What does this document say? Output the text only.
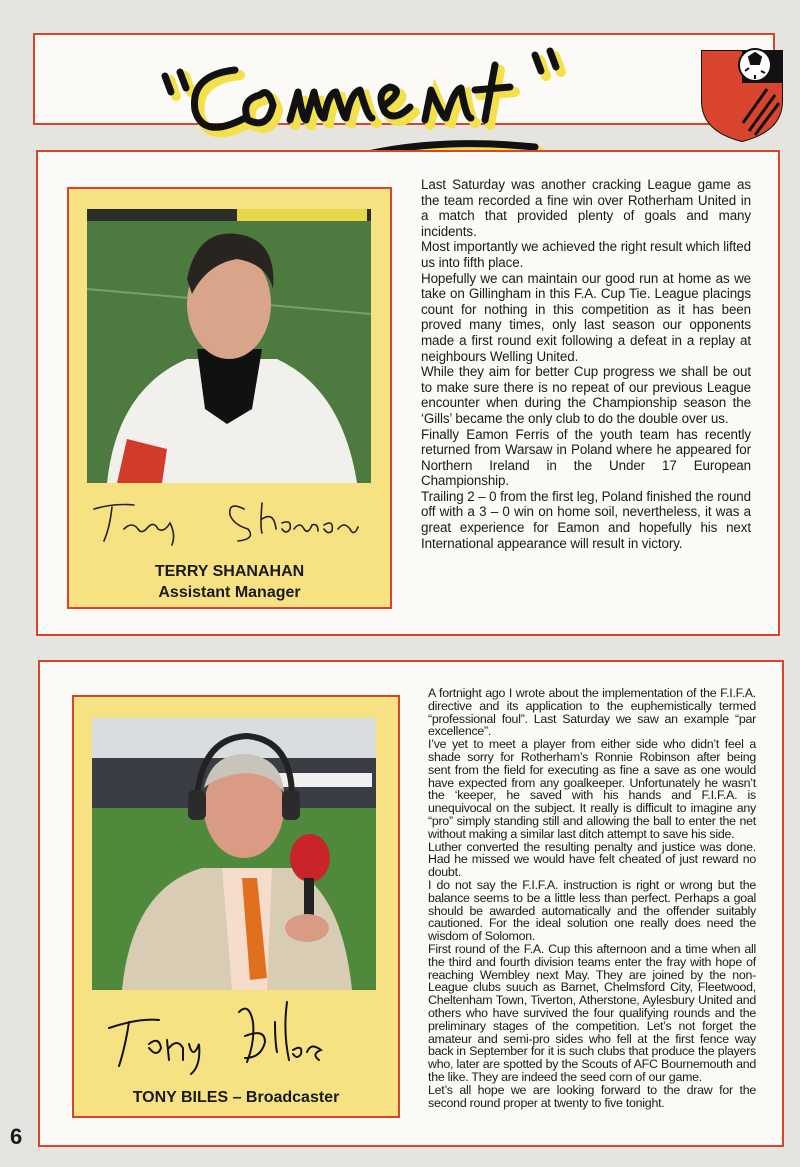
TERRY SHANAHAN
Assistant Manager

Last Saturday was another cracking League game as the team recorded a fine win over Rotherham United in a match that provided plenty of goals and many incidents.

Most importantly we achieved the right result which lifted us into fifth place.

Hopefully we can maintain our good run at home as we take on Gillingham in this F.A. Cup Tie. League placings count for nothing in this competition as it has been proved many times, only last season our opponents made a first round exit following a defeat in a replay at neighbours Welling United.

While they aim for better Cup progress we shall be out to make sure there is no repeat of our previous League encounter when during the Championship season the ‘Gills’ became the only club to do the double over us.

Finally Eamon Ferris of the youth team has recently returned from Warsaw in Poland where he appeared for Northern Ireland in the Under 17 European Championship.

Trailing 2 – 0 from the first leg, Poland finished the round off with a 3 – 0 win on home soil, nevertheless, it was a great experience for Eamon and hopefully his next International appearance will result in victory.

TONY BILES – Broadcaster

A fortnight ago I wrote about the implementation of the F.I.F.A. directive and its application to the euphemistically termed “professional foul”. Last Saturday we saw an example “par excellence”.

I’ve yet to meet a player from either side who didn’t feel a shade sorry for Rotherham’s Ronnie Robinson after being sent from the field for executing as fine a save as one would have expected from any goalkeeper. Unfortunately he wasn’t the ‘keeper, he saved with his hands and F.I.F.A. is unequivocal on the subject. It really is difficult to imagine any “pro” simply standing still and allowing the ball to enter the net without making a similar last ditch attempt to save his side.

Luther converted the resulting penalty and justice was done. Had he missed we would have felt cheated of just reward no doubt.

I do not say the F.I.F.A. instruction is right or wrong but the balance seems to be a little less than perfect. Perhaps a goal should be awarded automatically and the offender suitably cautioned. For the ideal solution one really does need the wisdom of Solomon.

First round of the F.A. Cup this afternoon and a time when all the third and fourth division teams enter the fray with hope of reaching Wembley next May. They are joined by the non-League clubs suuch as Barnet, Chelmsford City, Fleetwood, Cheltenham Town, Tiverton, Atherstone, Aylesbury United and others who have survived the four qualifying rounds and the preliminary stages of the competition. Let’s not forget the amateur and semi-pro sides who fell at the first fence way back in September for it is such clubs that produce the players who, later are spotted by the Scouts of AFC Bournemouth and the like. They are indeed the seed corn of our game.

Let’s all hope we are looking forward to the draw for the second round proper at twenty to five tonight.

6
